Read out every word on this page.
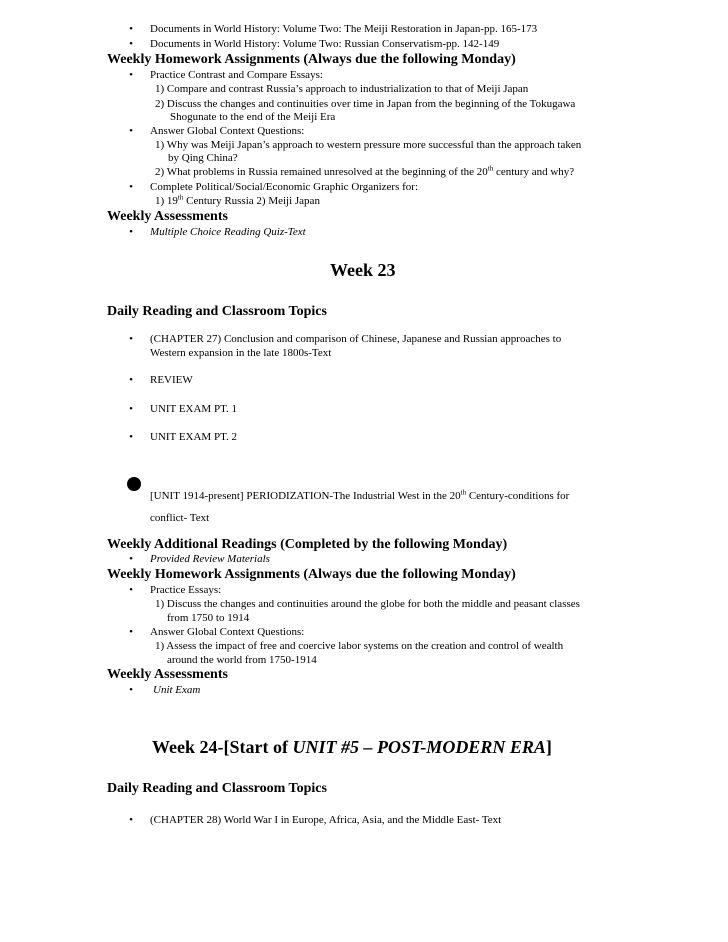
• Documents in World History: Volume Two: The Meiji Restoration in Japan-pp. 165-173
• Documents in World History: Volume Two: Russian Conservatism-pp. 142-149
Weekly Homework Assignments (Always due the following Monday)
• Practice Contrast and Compare Essays:
1) Compare and contrast Russia’s approach to industrialization to that of Meiji Japan
2) Discuss the changes and continuities over time in Japan from the beginning of the Tokugawa
Shogunate to the end of the Meiji Era
• Answer Global Context Questions:
1) Why was Meiji Japan’s approach to western pressure more successful than the approach taken
by Qing China?
2) What problems in Russia remained unresolved at the beginning of the 20th century and why?
• Complete Political/Social/Economic Graphic Organizers for:
1) 19th Century Russia 2) Meiji Japan
Weekly Assessments
• Multiple Choice Reading Quiz-Text
Week 23
Daily Reading and Classroom Topics
• (CHAPTER 27) Conclusion and comparison of Chinese, Japanese and Russian approaches to
Western expansion in the late 1800s-Text
• REVIEW
• UNIT EXAM PT. 1
• UNIT EXAM PT. 2
[UNIT 1914-present] PERIODIZATION-The Industrial West in the 20th Century-conditions for
conflict- Text
Weekly Additional Readings (Completed by the following Monday)
• Provided Review Materials
Weekly Homework Assignments (Always due the following Monday)
• Practice Essays:
1) Discuss the changes and continuities around the globe for both the middle and peasant classes
from 1750 to 1914
• Answer Global Context Questions:
1) Assess the impact of free and coercive labor systems on the creation and control of wealth
around the world from 1750-1914
Weekly Assessments
• Unit Exam
Week 24-[Start of UNIT #5 – POST-MODERN ERA]
Daily Reading and Classroom Topics
• (CHAPTER 28) World War I in Europe, Africa, Asia, and the Middle East- Text
